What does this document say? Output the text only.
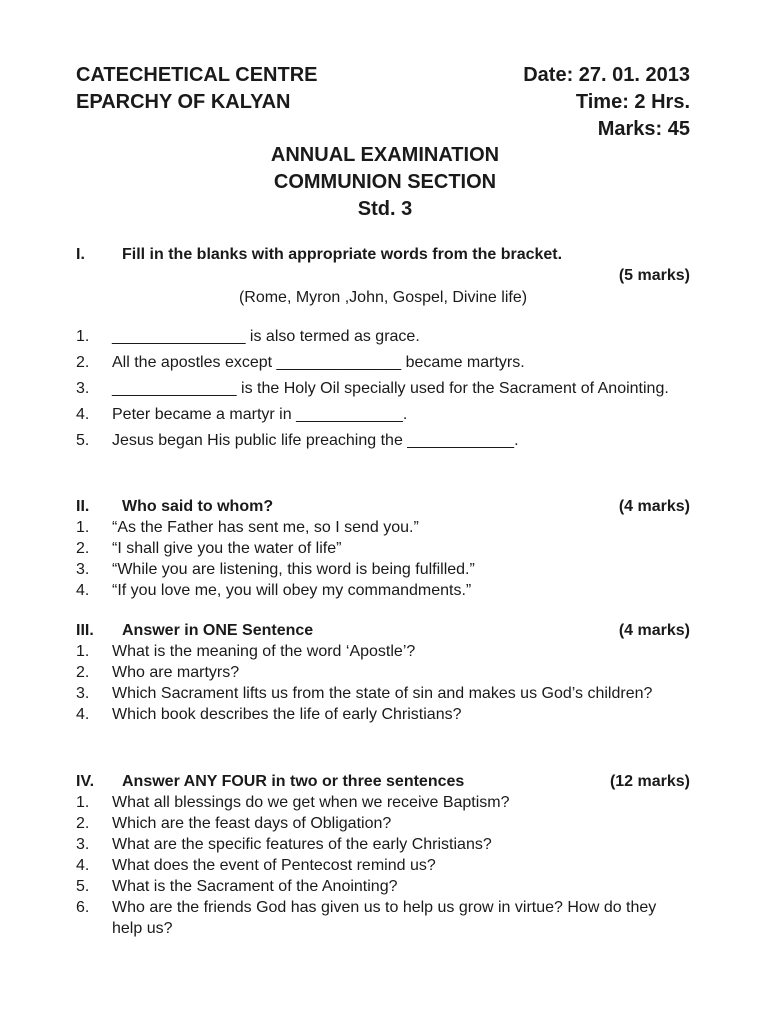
CATECHETICAL CENTRE	Date: 27. 01. 2013
EPARCHY OF KALYAN	Time: 2 Hrs.
Marks: 45
ANNUAL EXAMINATION
COMMUNION SECTION
Std. 3
I.	Fill in the blanks with appropriate words from the bracket.
(5 marks)
(Rome, Myron ,John, Gospel, Divine life)
1.	_______________ is also termed as grace.
2.	All the apostles except ______________ became martyrs.
3.	______________ is the Holy Oil specially used for the Sacrament of Anointing.
4.	Peter became a martyr in ____________.
5.	Jesus began His public life preaching the ____________.
II.	Who said to whom?	(4 marks)
1.	“As the Father has sent me, so I send you.”
2.	“I shall give you the water of life”
3.	“While you are listening, this word is being fulfilled.”
4.	“If you love me, you will obey my commandments.”
III.	Answer in ONE Sentence	(4 marks)
1.	What is the meaning of the word ‘Apostle’?
2.	Who are martyrs?
3.	Which Sacrament lifts us from the state of sin and makes us God’s children?
4.	Which book describes the life of early Christians?
IV.	Answer ANY FOUR in two or three sentences	(12 marks)
1.	What all blessings do we get when we receive Baptism?
2.	Which are the feast days of Obligation?
3.	What are the specific features of the early Christians?
4.	What does the event of Pentecost remind us?
5.	What is the Sacrament of the Anointing?
6.	Who are the friends God has given us to help us grow in virtue? How do they help us?
